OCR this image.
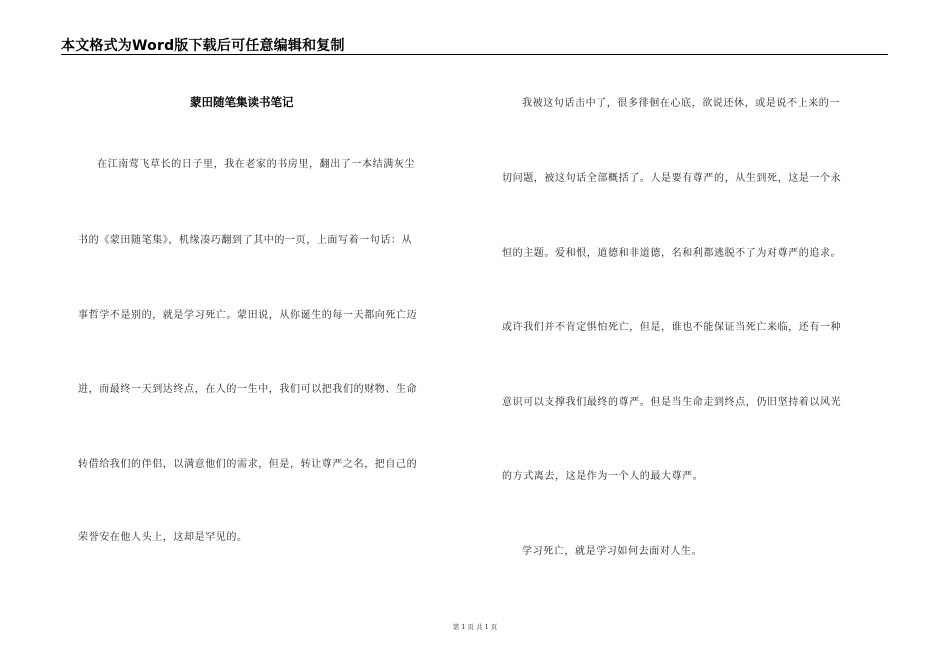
本文格式为Word版下载后可任意编辑和复制
蒙田随笔集读书笔记
在江南莺飞草长的日子里，我在老家的书房里，翻出了一本结满灰尘
书的《蒙田随笔集》，机缘凑巧翻到了其中的一页，上面写着一句话：从
事哲学不是别的，就是学习死亡。蒙田说，从你诞生的每一天都向死亡迈
进，而最终一天到达终点，在人的一生中，我们可以把我们的财物、生命
转借给我们的伴侣，以满意他们的需求，但是，转让尊严之名，把自己的
荣誉安在他人头上，这却是罕见的。
我被这句话击中了，很多徘徊在心底，欲说还休，或是说不上来的一
切问题，被这句话全部概括了。人是要有尊严的，从生到死，这是一个永
恒的主题。爱和恨，道德和非道德，名和利都逃脱不了为对尊严的追求。
或许我们并不肯定惧怕死亡，但是，谁也不能保证当死亡来临，还有一种
意识可以支撑我们最终的尊严。但是当生命走到终点，仍旧坚持着以风光
的方式离去，这是作为一个人的最大尊严。
学习死亡，就是学习如何去面对人生。
第 1 页 共 1 页
